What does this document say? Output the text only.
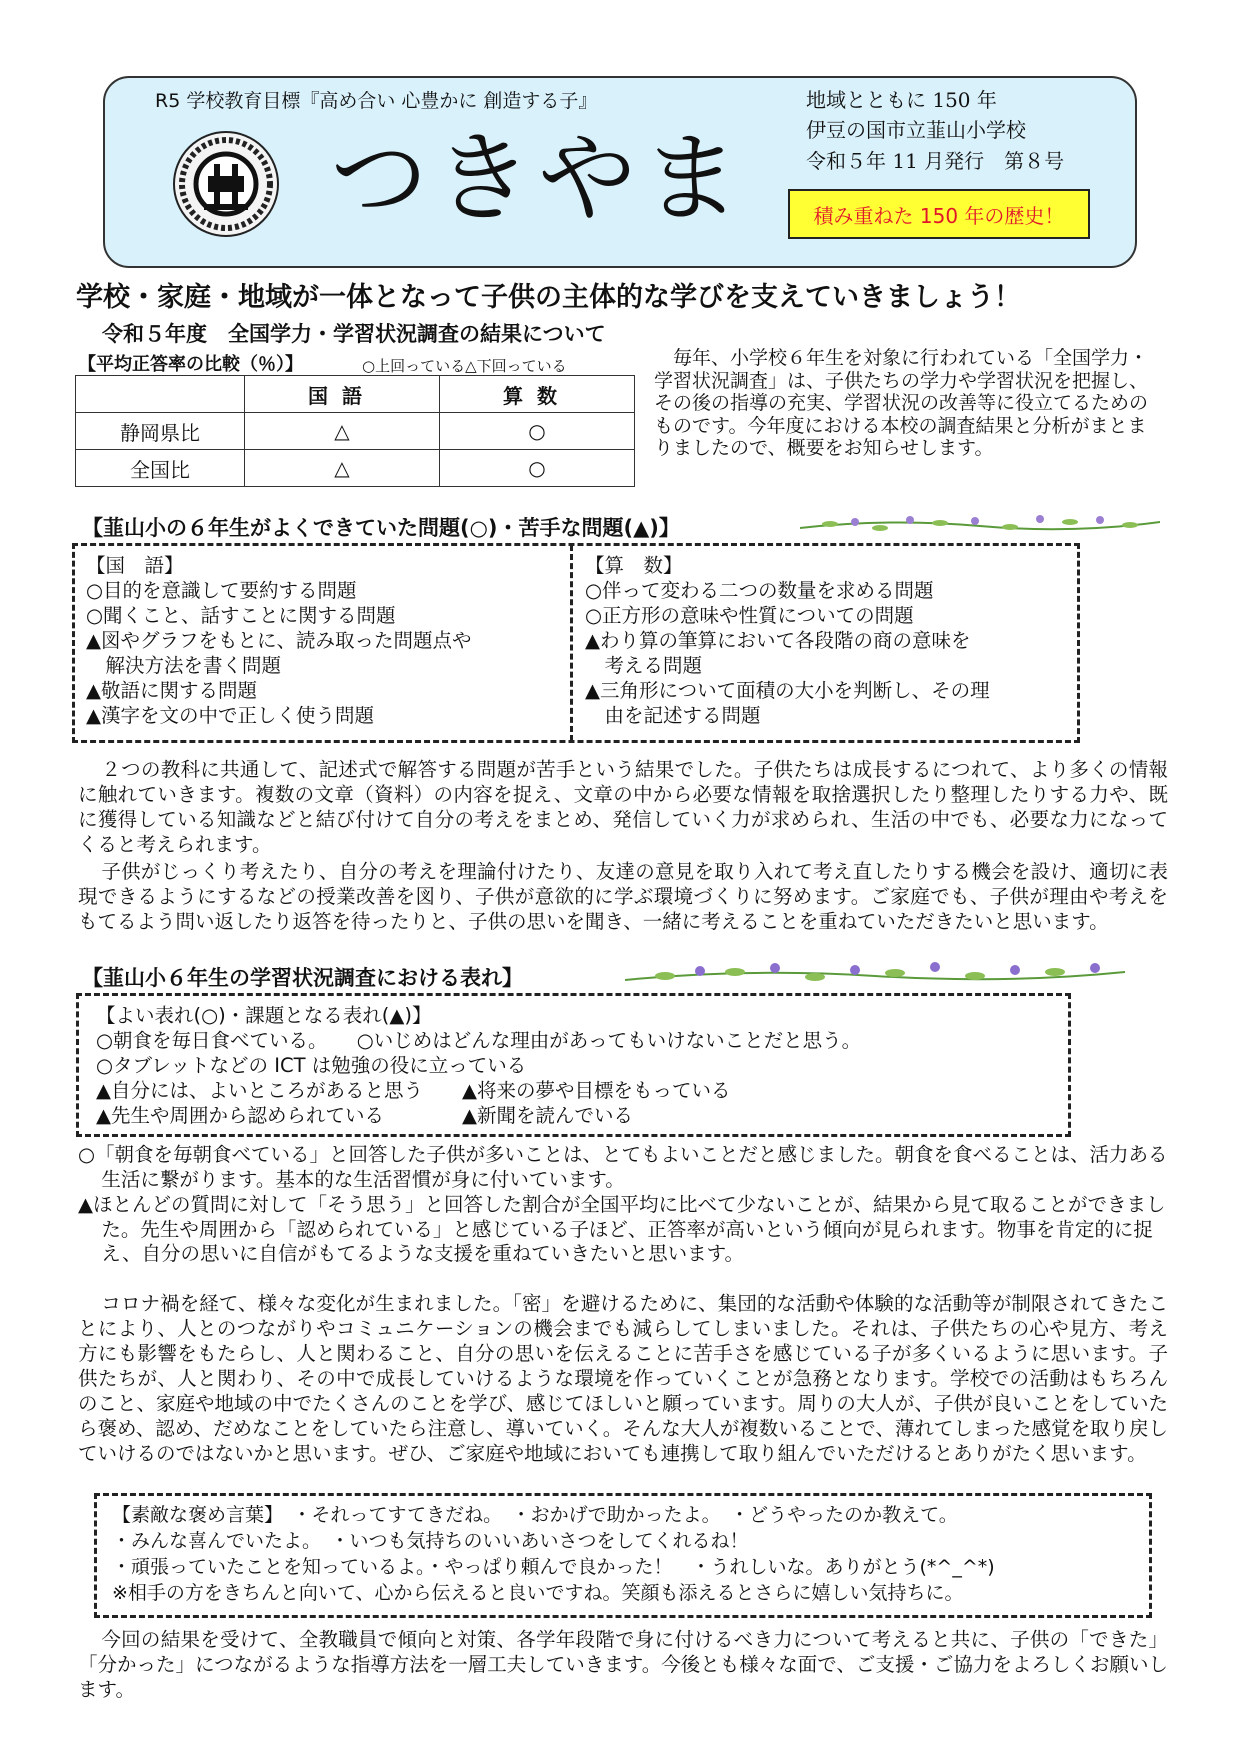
R5 学校教育目標『高め合い 心豊かに 創造する子』
つきやま
地域とともに 150 年
伊豆の国市立韮山小学校
令和５年 11 月発行　第８号
積み重ねた 150 年の歴史！
学校・家庭・地域が一体となって子供の主体的な学びを支えていきましょう！
令和５年度　全国学力・学習状況調査の結果について
【平均正答率の比較（％）】	○上回っている△下回っている
	国語	算数
静岡県比	△	○
全国比	△	○
　毎年、小学校６年生を対象に行われている「全国学力・学習状況調査」は、子供たちの学力や学習状況を把握し、その後の指導の充実、学習状況の改善等に役立てるためのものです。今年度における本校の調査結果と分析がまとまりましたので、概要をお知らせします。
【韮山小の６年生がよくできていた問題(○)・苦手な問題(▲)】
【国　語】
○目的を意識して要約する問題
○聞くこと、話すことに関する問題
▲図やグラフをもとに、読み取った問題点や
　解決方法を書く問題
▲敬語に関する問題
▲漢字を文の中で正しく使う問題
【算　数】
○伴って変わる二つの数量を求める問題
○正方形の意味や性質についての問題
▲わり算の筆算において各段階の商の意味を
　考える問題
▲三角形について面積の大小を判断し、その理
　由を記述する問題
２つの教科に共通して、記述式で解答する問題が苦手という結果でした。子供たちは成長するにつれて、より多くの情報に触れていきます。複数の文章（資料）の内容を捉え、文章の中から必要な情報を取捨選択したり整理したりする力や、既に獲得している知識などと結び付けて自分の考えをまとめ、発信していく力が求められ、生活の中でも、必要な力になってくると考えられます。
子供がじっくり考えたり、自分の考えを理論付けたり、友達の意見を取り入れて考え直したりする機会を設け、適切に表現できるようにするなどの授業改善を図り、子供が意欲的に学ぶ環境づくりに努めます。ご家庭でも、子供が理由や考えをもてるよう問い返したり返答を待ったりと、子供の思いを聞き、一緒に考えることを重ねていただきたいと思います。
【韮山小６年生の学習状況調査における表れ】
【よい表れ(○)・課題となる表れ(▲)】
○朝食を毎日食べている。　　○いじめはどんな理由があってもいけないことだと思う。
○タブレットなどの ICT は勉強の役に立っている
▲自分には、よいところがあると思う　　▲将来の夢や目標をもっている
▲先生や周囲から認められている　　　　▲新聞を読んでいる
○「朝食を毎朝食べている」と回答した子供が多いことは、とてもよいことだと感じました。朝食を食べることは、活力ある生活に繋がります。基本的な生活習慣が身に付いています。
▲ほとんどの質問に対して「そう思う」と回答した割合が全国平均に比べて少ないことが、結果から見て取ることができました。先生や周囲から「認められている」と感じている子ほど、正答率が高いという傾向が見られます。物事を肯定的に捉え、自分の思いに自信がもてるような支援を重ねていきたいと思います。
コロナ禍を経て、様々な変化が生まれました。「密」を避けるために、集団的な活動や体験的な活動等が制限されてきたことにより、人とのつながりやコミュニケーションの機会までも減らしてしまいました。それは、子供たちの心や見方、考え方にも影響をもたらし、人と関わること、自分の思いを伝えることに苦手さを感じている子が多くいるように思います。子供たちが、人と関わり、その中で成長していけるような環境を作っていくことが急務となります。学校での活動はもちろんのこと、家庭や地域の中でたくさんのことを学び、感じてほしいと願っています。周りの大人が、子供が良いことをしていたら褒め、認め、だめなことをしていたら注意し、導いていく。そんな大人が複数いることで、薄れてしまった感覚を取り戻していけるのではないかと思います。ぜひ、ご家庭や地域においても連携して取り組んでいただけるとありがたく思います。
【素敵な褒め言葉】　・それってすてきだね。　・おかげで助かったよ。　・どうやったのか教えて。
・みんな喜んでいたよ。　・いつも気持ちのいいあいさつをしてくれるね！
・頑張っていたことを知っているよ。・やっぱり頼んで良かった！　・うれしいな。ありがとう(*^_^*)
※相手の方をきちんと向いて、心から伝えると良いですね。笑顔も添えるとさらに嬉しい気持ちに。
今回の結果を受けて、全教職員で傾向と対策、各学年段階で身に付けるべき力について考えると共に、子供の「できた」「分かった」につながるような指導方法を一層工夫していきます。今後とも様々な面で、ご支援・ご協力をよろしくお願いします。
